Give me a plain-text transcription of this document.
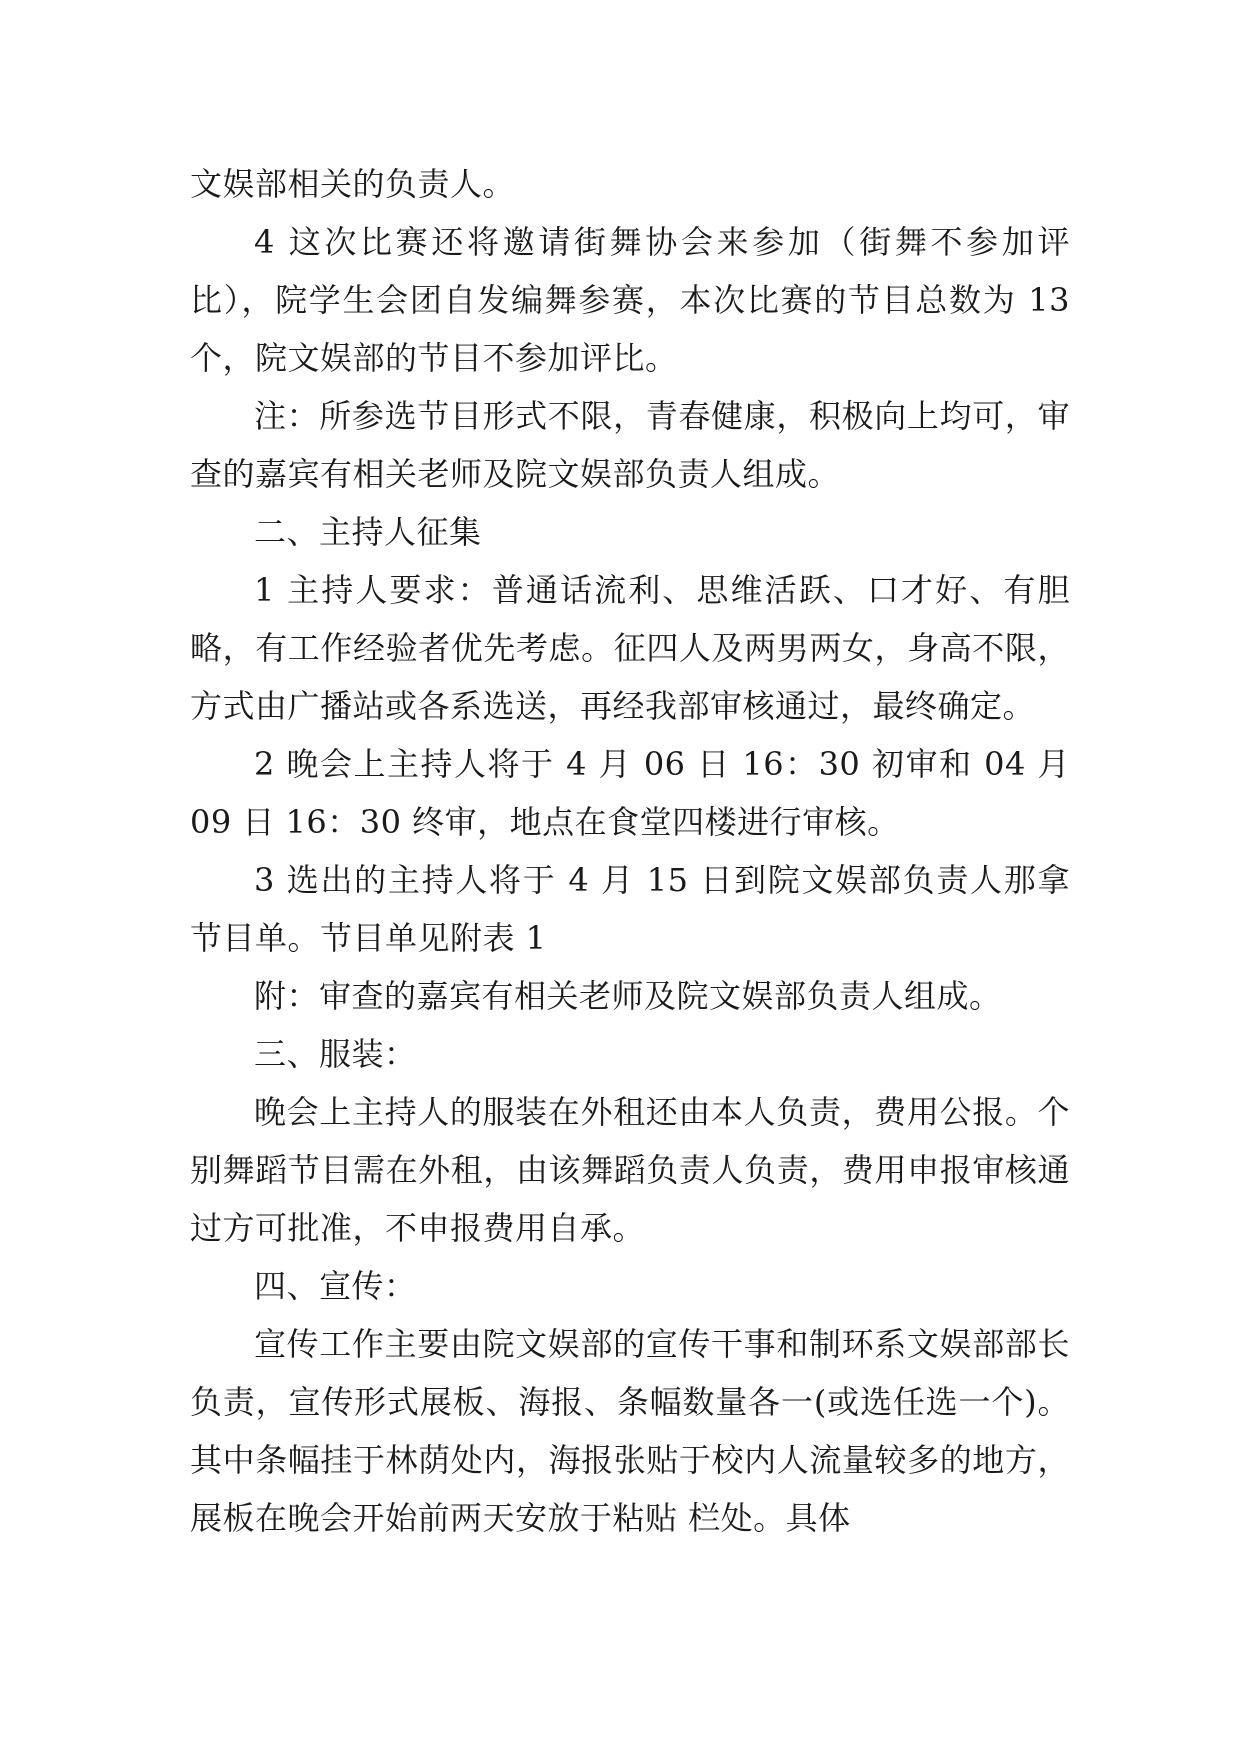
文娱部相关的负责人。

4 这次比赛还将邀请街舞协会来参加（街舞不参加评比），院学生会团自发编舞参赛，本次比赛的节目总数为 13 个，院文娱部的节目不参加评比。

注：所参选节目形式不限，青春健康，积极向上均可，审查的嘉宾有相关老师及院文娱部负责人组成。

二、主持人征集

1 主持人要求：普通话流利、思维活跃、口才好、有胆略，有工作经验者优先考虑。征四人及两男两女，身高不限，方式由广播站或各系选送，再经我部审核通过，最终确定。

2 晚会上主持人将于 4 月 06 日 16：30 初审和 04 月 09 日 16：30 终审，地点在食堂四楼进行审核。

3 选出的主持人将于 4 月 15 日到院文娱部负责人那拿节目单。节目单见附表 1

附：审查的嘉宾有相关老师及院文娱部负责人组成。

三、服装：

晚会上主持人的服装在外租还由本人负责，费用公报。个别舞蹈节目需在外租，由该舞蹈负责人负责，费用申报审核通过方可批准，不申报费用自承。

四、宣传：

宣传工作主要由院文娱部的宣传干事和制环系文娱部部长负责，宣传形式展板、海报、条幅数量各一(或选任选一个)。其中条幅挂于林荫处内，海报张贴于校内人流量较多的地方，展板在晚会开始前两天安放于粘贴 栏处。具体
